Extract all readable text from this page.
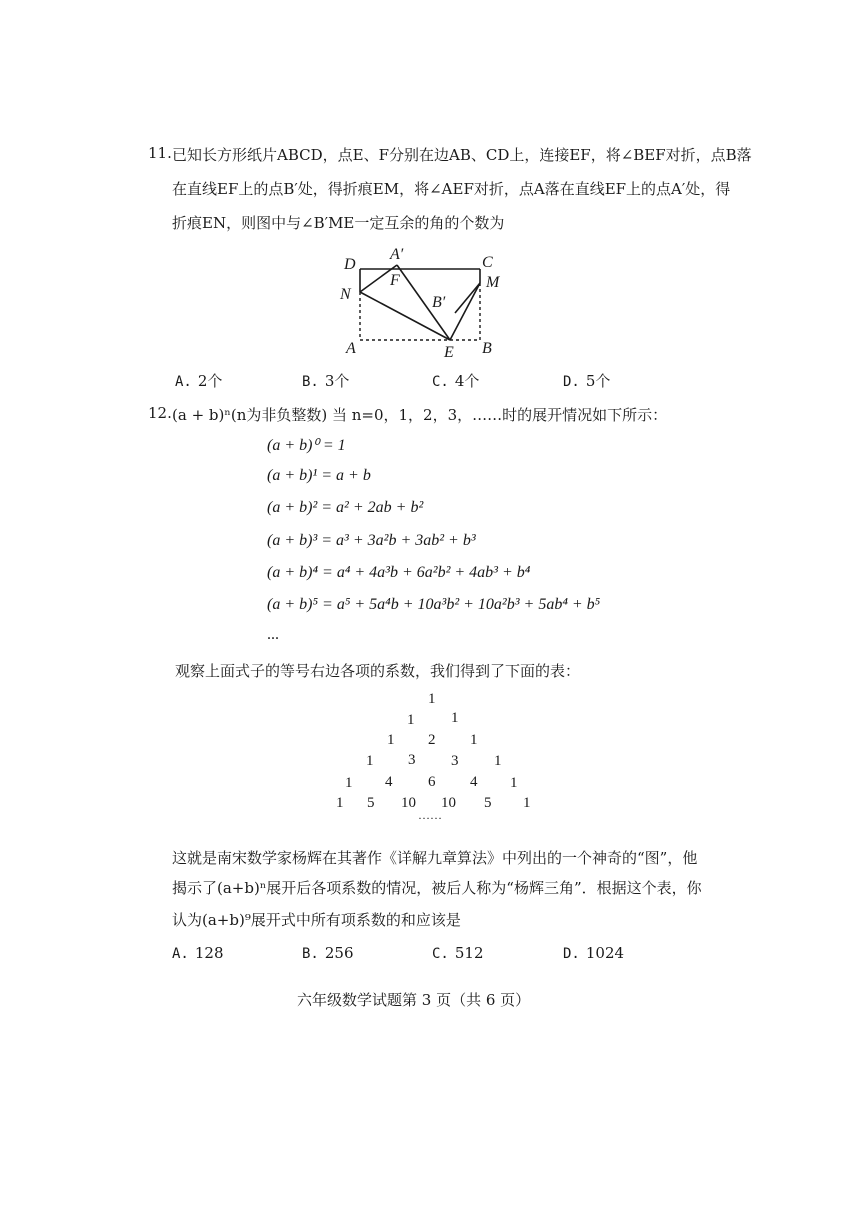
11. 已知长方形纸片ABCD，点E、F分别在边AB、CD上，连接EF，将∠BEF对折，点B落
在直线EF上的点B′处，得折痕EM，将∠AEF对折，点A落在直线EF上的点A′处，得
折痕EN，则图中与∠B′ME一定互余的角的个数为
D
A′	C
F
N
M
B′
A	E B
A. 2个	B. 3个	C. 4个	D. 5个
12. (a + b)ⁿ(n为非负整数) 当 n=0，1，2，3，……时的展开情况如下所示：
(a + b)⁰ = 1
(a + b)¹ = a + b
(a + b)² = a² + 2ab + b²
(a + b)³ = a³ + 3a²b + 3ab² + b³
(a + b)⁴ = a⁴ + 4a³b + 6a²b² + 4ab³ + b⁴
(a + b)⁵ = a⁵ + 5a⁴b + 10a³b² + 10a²b³ + 5ab⁴ + b⁵
...
观察上面式子的等号右边各项的系数，我们得到了下面的表：
1
1 1
1 2 1
1 3 3 1
1 4 6 4 1
1 5 10 10 5 1
……
这就是南宋数学家杨辉在其著作《详解九章算法》中列出的一个神奇的“图”，他
揭示了(a+b)ⁿ展开后各项系数的情况，被后人称为“杨辉三角”．根据这个表，你
认为(a+b)⁹展开式中所有项系数的和应该是
A. 128	B. 256	C. 512	D. 1024
六年级数学试题第 3 页（共 6 页）
